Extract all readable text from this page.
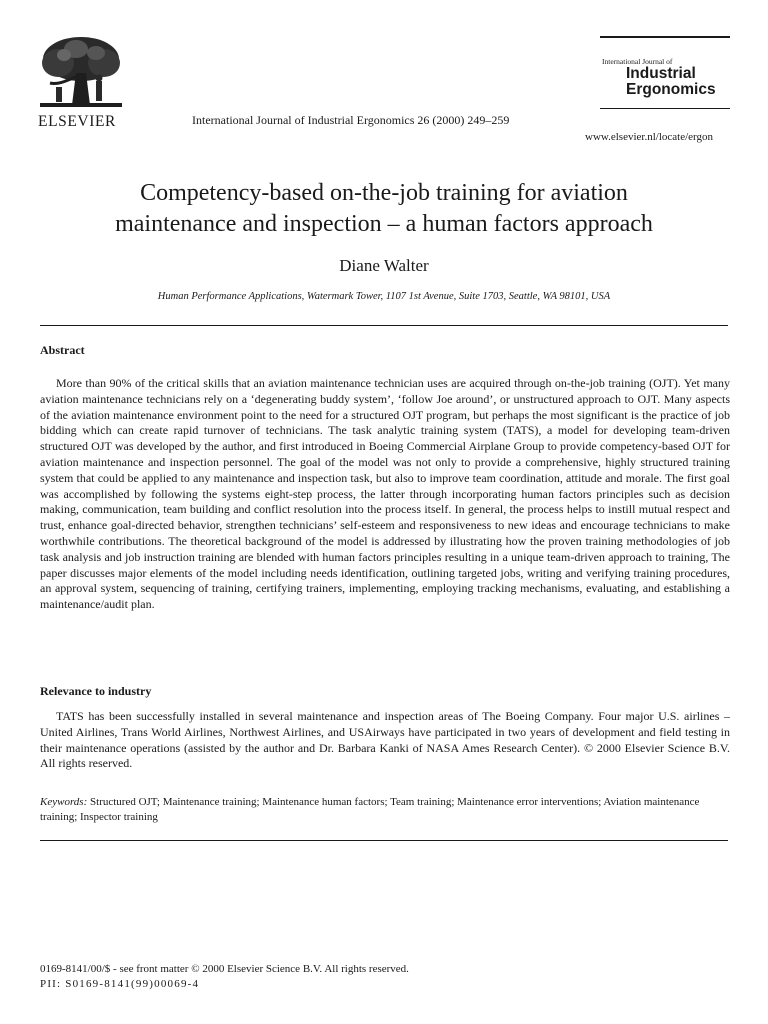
ELSEVIER	International Journal of Industrial Ergonomics 26 (2000) 249–259
International Journal of
Industrial
Ergonomics
www.elsevier.nl/locate/ergon
Competency-based on-the-job training for aviation
maintenance and inspection – a human factors approach
Diane Walter
Human Performance Applications, Watermark Tower, 1107 1st Avenue, Suite 1703, Seattle, WA 98101, USA
Abstract

More than 90% of the critical skills that an aviation maintenance technician uses are acquired through on-the-job training (OJT). Yet many aviation maintenance technicians rely on a ‘degenerating buddy system’, ‘follow Joe around’, or unstructured approach to OJT. Many aspects of the aviation maintenance environment point to the need for a structured OJT program, but perhaps the most significant is the practice of job bidding which can create rapid turnover of technicians. The task analytic training system (TATS), a model for developing team-driven structured OJT was developed by the author, and first introduced in Boeing Commercial Airplane Group to provide competency-based OJT for aviation maintenance and inspection personnel. The goal of the model was not only to provide a comprehensive, highly structured training system that could be applied to any maintenance and inspection task, but also to improve team coordination, attitude and morale. The first goal was accomplished by following the systems eight-step process, the latter through incorporating human factors principles such as decision making, communication, team building and conflict resolution into the process itself. In general, the process helps to instill mutual respect and trust, enhance goal-directed behavior, strengthen technicians’ self-esteem and responsiveness to new ideas and encourage technicians to make worthwhile contributions. The theoretical background of the model is addressed by illustrating how the proven training methodologies of job task analysis and job instruction training are blended with human factors principles resulting in a unique team-driven approach to training, The paper discusses major elements of the model including needs identification, outlining targeted jobs, writing and verifying training procedures, an approval system, sequencing of training, certifying trainers, implementing, employing tracking mechanisms, evaluating, and establishing a maintenance/audit plan.

Relevance to industry

TATS has been successfully installed in several maintenance and inspection areas of The Boeing Company. Four major U.S. airlines – United Airlines, Trans World Airlines, Northwest Airlines, and USAirways have participated in two years of development and field testing in their maintenance operations (assisted by the author and Dr. Barbara Kanki of NASA Ames Research Center). © 2000 Elsevier Science B.V. All rights reserved.

Keywords: Structured OJT; Maintenance training; Maintenance human factors; Team training; Maintenance error interventions; Aviation maintenance training; Inspector training
0169-8141/00/$ - see front matter © 2000 Elsevier Science B.V. All rights reserved.
PII: S0169-8141(99)00069-4
